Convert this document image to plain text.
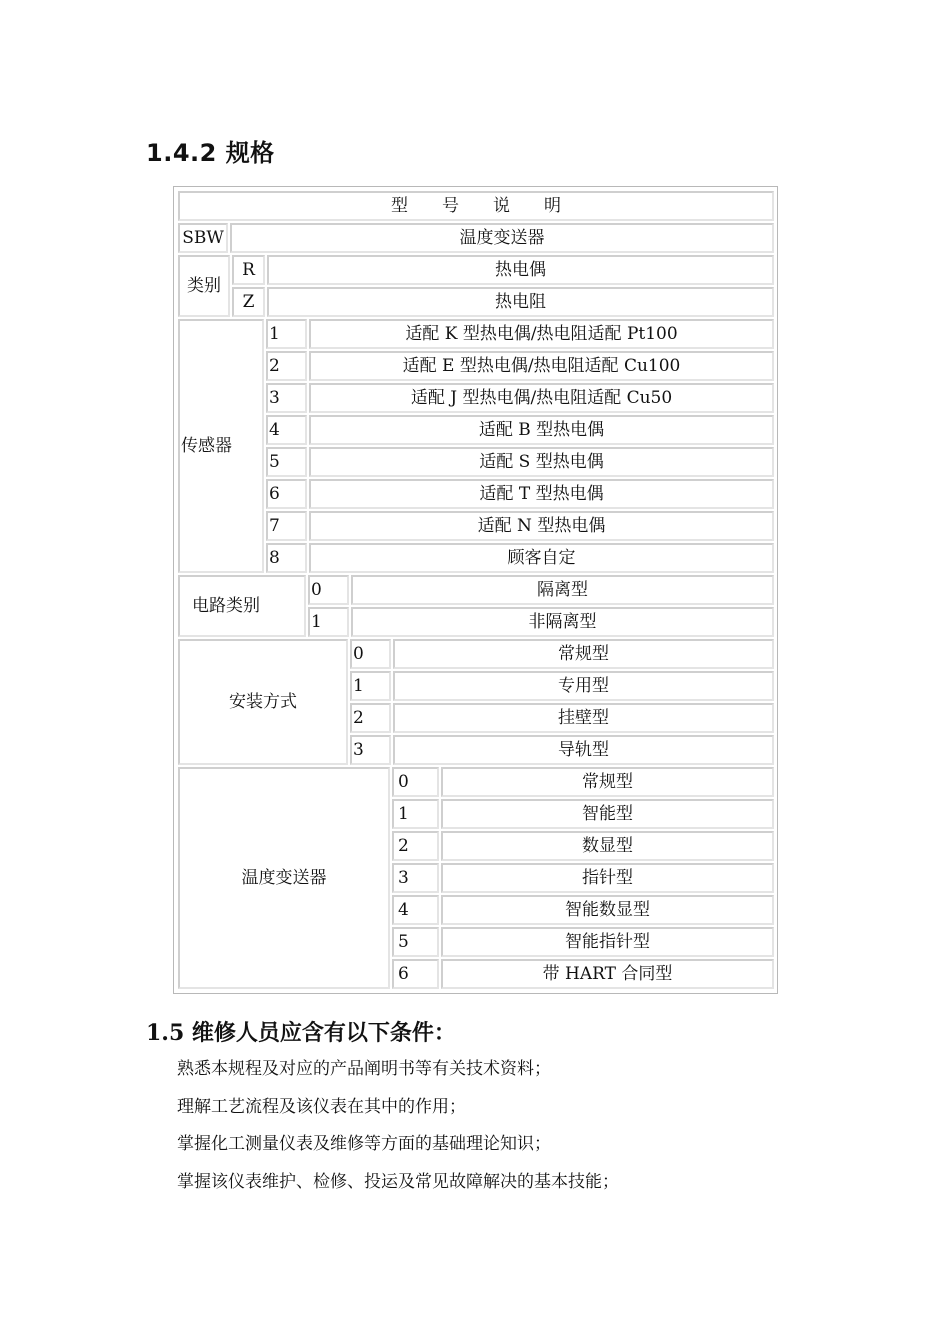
1.4.2 规格
型　　号　　说　　明
SBW	温度变送器
类别
R	热电偶
Z	热电阻
传感器
1	适配 K 型热电偶/热电阻适配 Pt100
2	适配 E 型热电偶/热电阻适配 Cu100
3	适配 J 型热电偶/热电阻适配 Cu50
4	适配 B 型热电偶
5	适配 S 型热电偶
6	适配 T 型热电偶
7	适配 N 型热电偶
8	顾客自定
电路类别
0	隔离型
1	非隔离型
安装方式
0	常规型
1	专用型
2	挂壁型
3	导轨型
温度变送器
0	常规型
1	智能型
2	数显型
3	指针型
4	智能数显型
5	智能指针型
6	带 HART 合同型
1.5 维修人员应含有以下条件：
熟悉本规程及对应的产品阐明书等有关技术资料；
理解工艺流程及该仪表在其中的作用；
掌握化工测量仪表及维修等方面的基础理论知识；
掌握该仪表维护、检修、投运及常见故障解决的基本技能；
